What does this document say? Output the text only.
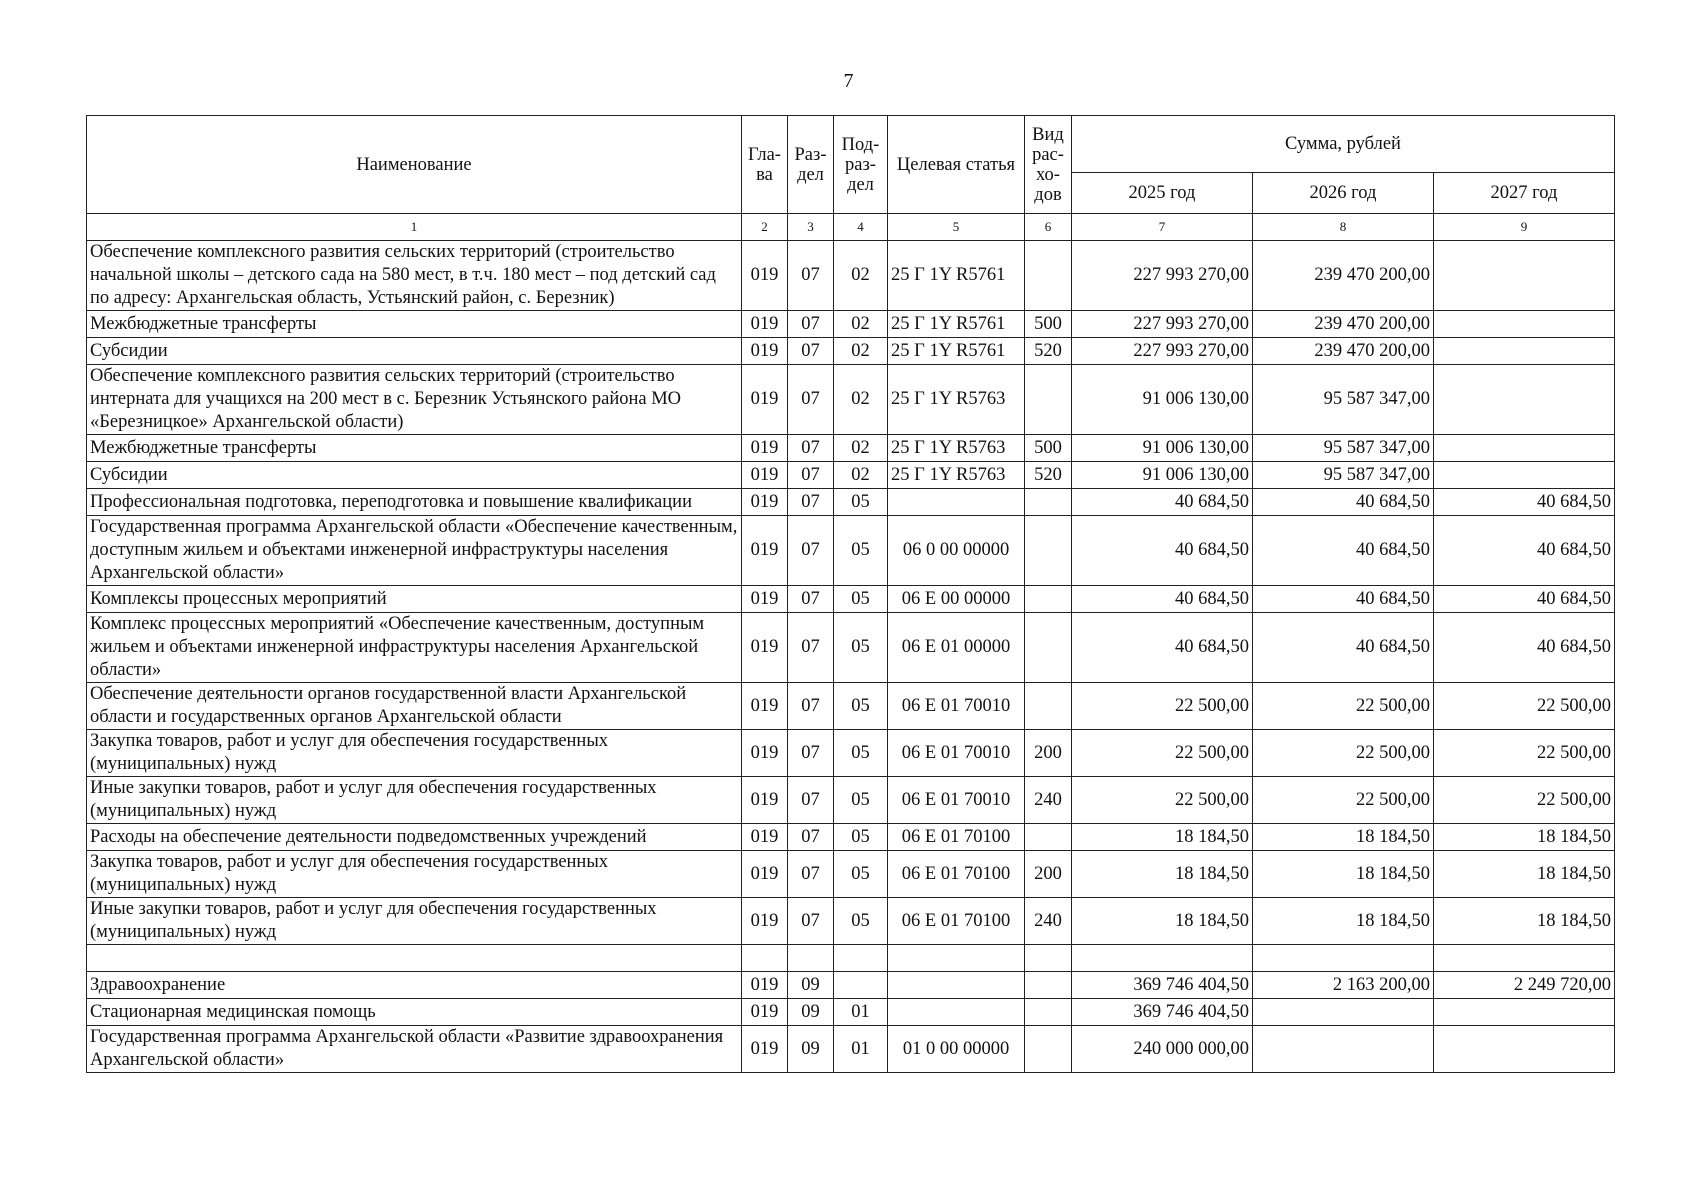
7
Наименование	Гла-ва	Раз-дел	Под-раз-дел	Целевая статья	Вид рас-хо-дов	Сумма, рублей		
						2025 год	2026 год	2027 год
1	2	3	4	5	6	7	8	9
Обеспечение комплексного развития сельских территорий (строительство начальной школы – детского сада на 580 мест, в т.ч. 180 мест – под детский сад по адресу: Архангельская область, Устьянский район, с. Березник)	019	07	02	25 Г 1Y R5761		227 993 270,00	239 470 200,00	
Межбюджетные трансферты	019	07	02	25 Г 1Y R5761	500	227 993 270,00	239 470 200,00	
Субсидии	019	07	02	25 Г 1Y R5761	520	227 993 270,00	239 470 200,00	
Обеспечение комплексного развития сельских территорий (строительство интерната для учащихся на 200 мест в с. Березник Устьянского района МО «Березницкое» Архангельской области)	019	07	02	25 Г 1Y R5763		91 006 130,00	95 587 347,00	
Межбюджетные трансферты	019	07	02	25 Г 1Y R5763	500	91 006 130,00	95 587 347,00	
Субсидии	019	07	02	25 Г 1Y R5763	520	91 006 130,00	95 587 347,00	
Профессиональная подготовка, переподготовка и повышение квалификации	019	07	05			40 684,50	40 684,50	40 684,50
Государственная программа Архангельской области «Обеспечение качественным, доступным жильем и объектами инженерной инфраструктуры населения Архангельской области»	019	07	05	06 0 00 00000		40 684,50	40 684,50	40 684,50
Комплексы процессных мероприятий	019	07	05	06 Е 00 00000		40 684,50	40 684,50	40 684,50
Комплекс процессных мероприятий «Обеспечение качественным, доступным жильем и объектами инженерной инфраструктуры населения Архангельской области»	019	07	05	06 Е 01 00000		40 684,50	40 684,50	40 684,50
Обеспечение деятельности органов государственной власти Архангельской области и государственных органов Архангельской области	019	07	05	06 Е 01 70010		22 500,00	22 500,00	22 500,00
Закупка товаров, работ и услуг для обеспечения государственных (муниципальных) нужд	019	07	05	06 Е 01 70010	200	22 500,00	22 500,00	22 500,00
Иные закупки товаров, работ и услуг для обеспечения государственных (муниципальных) нужд	019	07	05	06 Е 01 70010	240	22 500,00	22 500,00	22 500,00
Расходы на обеспечение деятельности подведомственных учреждений	019	07	05	06 Е 01 70100		18 184,50	18 184,50	18 184,50
Закупка товаров, работ и услуг для обеспечения государственных (муниципальных) нужд	019	07	05	06 Е 01 70100	200	18 184,50	18 184,50	18 184,50
Иные закупки товаров, работ и услуг для обеспечения государственных (муниципальных) нужд	019	07	05	06 Е 01 70100	240	18 184,50	18 184,50	18 184,50

Здравоохранение	019	09				369 746 404,50	2 163 200,00	2 249 720,00
Стационарная медицинская помощь	019	09	01			369 746 404,50		
Государственная программа Архангельской области «Развитие здравоохранения Архангельской области»	019	09	01	01 0 00 00000		240 000 000,00		
